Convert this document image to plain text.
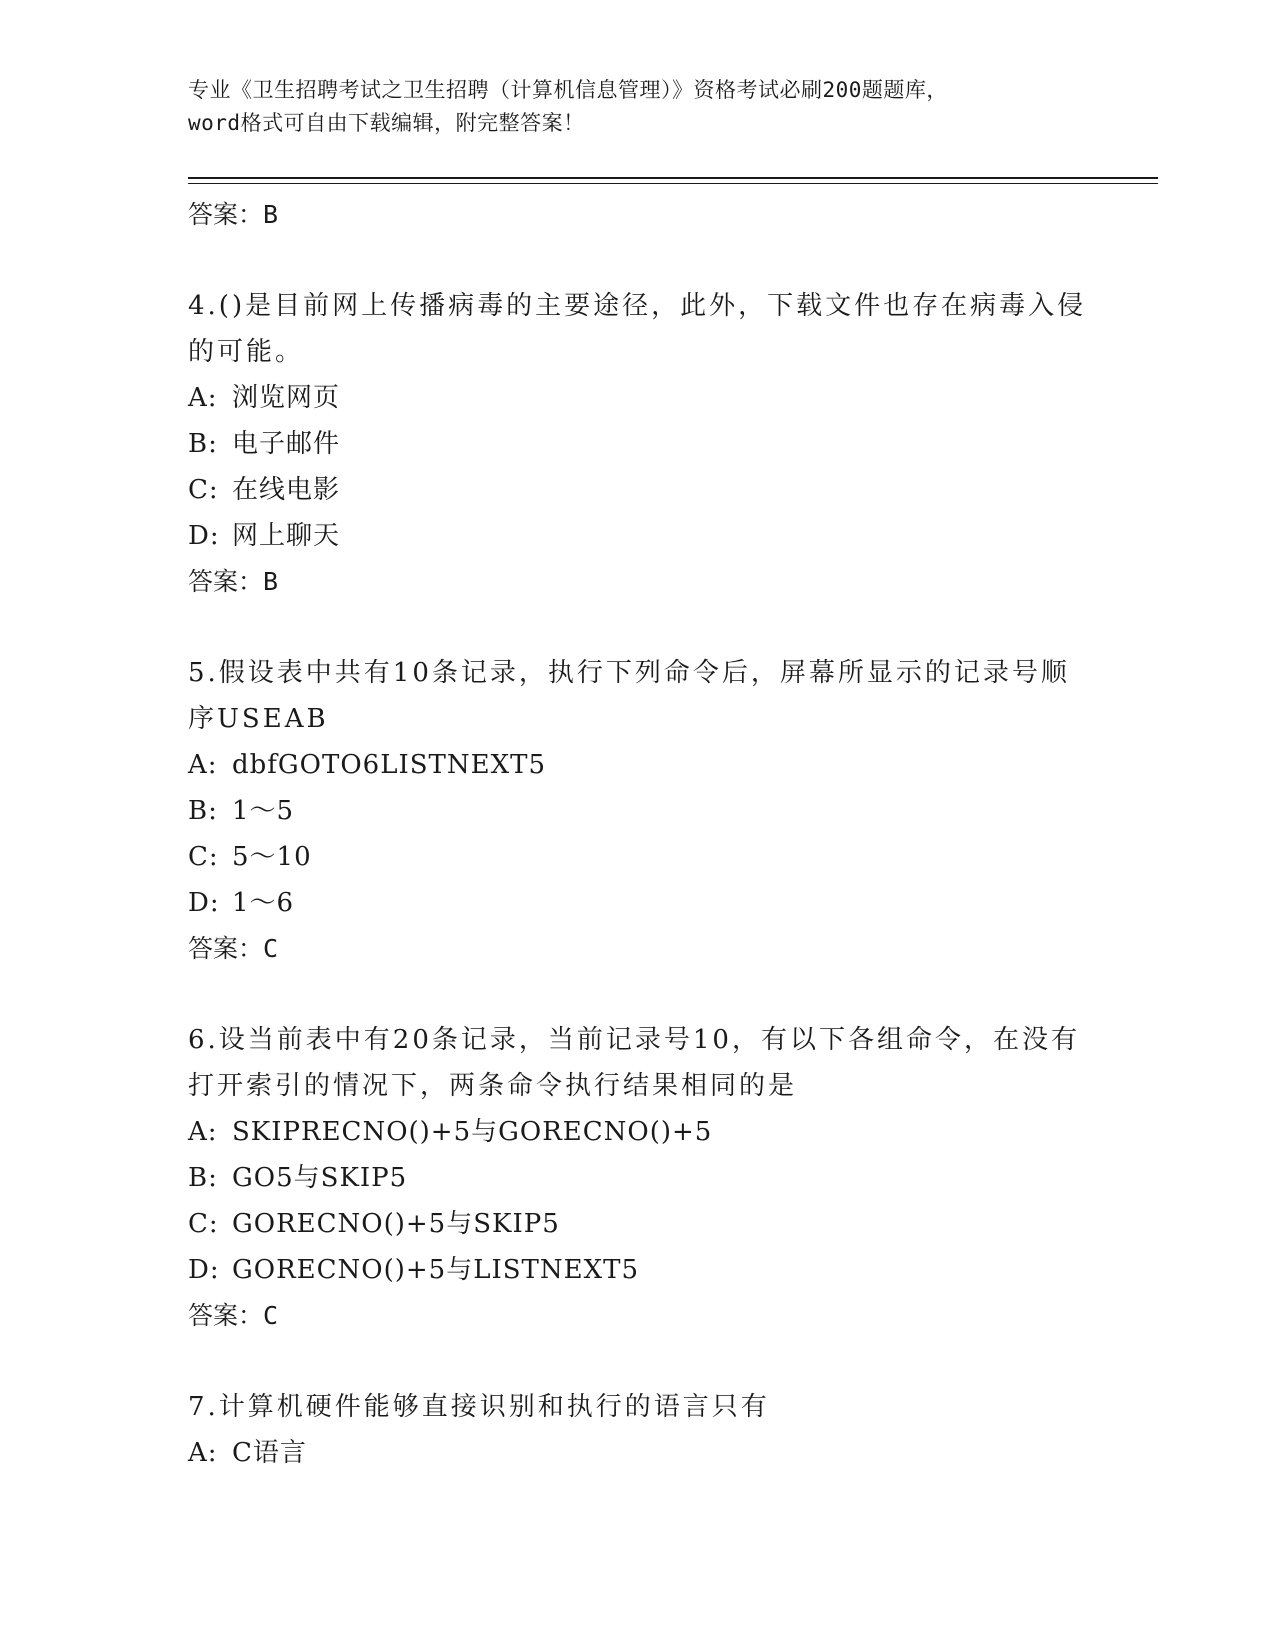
专业《卫生招聘考试之卫生招聘（计算机信息管理）》资格考试必刷200题题库，
word格式可自由下载编辑，附完整答案！

答案：B

4.()是目前网上传播病毒的主要途径，此外，下载文件也存在病毒入侵的可能。

A: 浏览网页

B: 电子邮件

C: 在线电影

D: 网上聊天

答案：B

5.假设表中共有10条记录，执行下列命令后，屏幕所显示的记录号顺序USEAB

A: dbfGOTO6LISTNEXT5

B: 1～5

C: 5～10

D: 1～6

答案：C

6.设当前表中有20条记录，当前记录号10，有以下各组命令，在没有打开索引的情况下，两条命令执行结果相同的是

A: SKIPRECNO()+5与GORECNO()+5

B: GO5与SKIP5

C: GORECNO()+5与SKIP5

D: GORECNO()+5与LISTNEXT5

答案：C

7.计算机硬件能够直接识别和执行的语言只有

A: C语言
